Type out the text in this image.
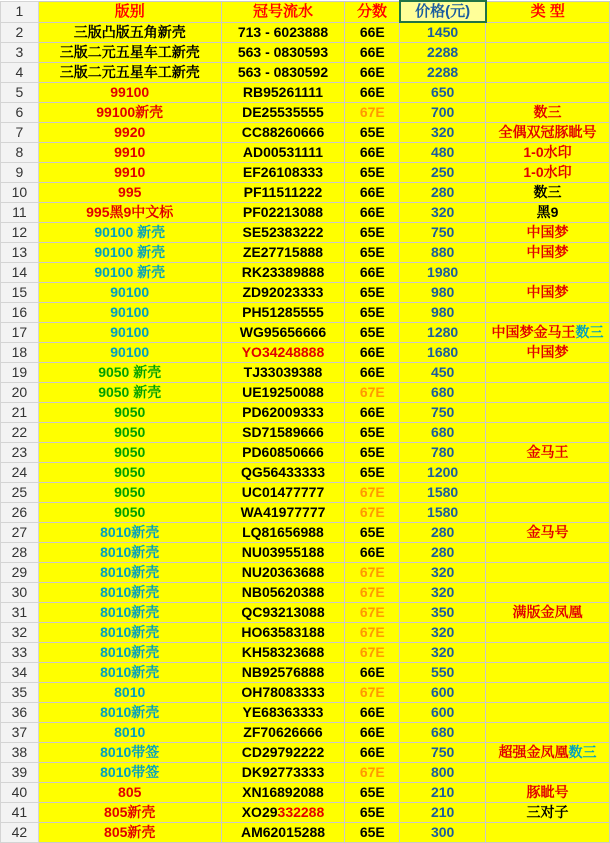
1	版别	冠号流水	分数	价格(元)	类 型
2	三版凸版五角新壳	713 - 6023888	66E	1450	
3	三版二元五星车工新壳	563 - 0830593	66E	2288	
4	三版二元五星车工新壳	563 - 0830592	66E	2288	
5	99100	RB95261111	66E	650	
6	99100新壳	DE25535555	67E	700	数三
7	9920	CC88260666	65E	320	全偶双冠豚眦号
8	9910	AD00531111	66E	480	1-0水印
9	9910	EF26108333	65E	250	1-0水印
10	995	PF11511222	66E	280	数三
11	995黑9中文标	PF02213088	66E	320	黑9
12	90100 新壳	SE52383222	65E	750	中国梦
13	90100 新壳	ZE27715888	65E	880	中国梦
14	90100 新壳	RK23389888	66E	1980	
15	90100	ZD92023333	65E	980	中国梦
16	90100	PH51285555	65E	980	
17	90100	WG95656666	65E	1280	中国梦金马王数三
18	90100	YO34248888	66E	1680	中国梦
19	9050 新壳	TJ33039388	66E	450	
20	9050 新壳	UE19250088	67E	680	
21	9050	PD62009333	66E	750	
22	9050	SD71589666	65E	680	
23	9050	PD60850666	65E	780	金马王
24	9050	QG56433333	65E	1200	
25	9050	UC01477777	67E	1580	
26	9050	WA41977777	67E	1580	
27	8010新壳	LQ81656988	65E	280	金马号
28	8010新壳	NU03955188	66E	280	
29	8010新壳	NU20363688	67E	320	
30	8010新壳	NB05620388	67E	320	
31	8010新壳	QC93213088	67E	350	满版金凤凰
32	8010新壳	HO63583188	67E	320	
33	8010新壳	KH58323688	67E	320	
34	8010新壳	NB92576888	66E	550	
35	8010	OH78083333	67E	600	
36	8010新壳	YE68363333	66E	600	
37	8010	ZF70626666	66E	680	
38	8010带签	CD29792222	66E	750	超强金凤凰数三
39	8010带签	DK92773333	67E	800	
40	805	XN16892088	65E	210	豚眦号
41	805新壳	XO29332288	65E	210	三对子
42	805新壳	AM62015288	65E	300	
